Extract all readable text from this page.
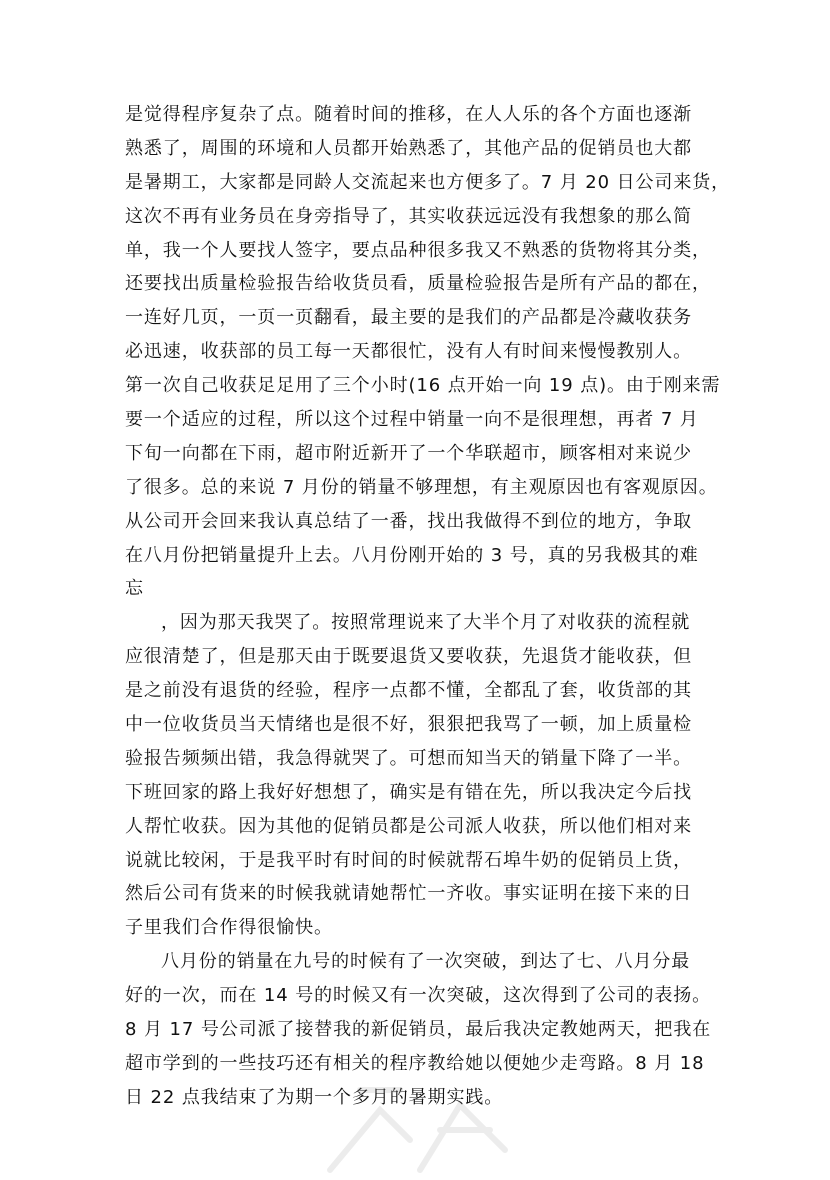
是觉得程序复杂了点。随着时间的推移，在人人乐的各个方面也逐渐
熟悉了，周围的环境和人员都开始熟悉了，其他产品的促销员也大都
是暑期工，大家都是同龄人交流起来也方便多了。7 月 20 日公司来货，
这次不再有业务员在身旁指导了，其实收获远远没有我想象的那么简
单，我一个人要找人签字，要点品种很多我又不熟悉的货物将其分类，
还要找出质量检验报告给收货员看，质量检验报告是所有产品的都在，
一连好几页，一页一页翻看，最主要的是我们的产品都是冷藏收获务
必迅速，收获部的员工每一天都很忙，没有人有时间来慢慢教别人。
第一次自己收获足足用了三个小时(16 点开始一向 19 点)。由于刚来需
要一个适应的过程，所以这个过程中销量一向不是很理想，再者 7 月
下旬一向都在下雨，超市附近新开了一个华联超市，顾客相对来说少
了很多。总的来说 7 月份的销量不够理想，有主观原因也有客观原因。
从公司开会回来我认真总结了一番，找出我做得不到位的地方，争取
在八月份把销量提升上去。八月份刚开始的 3 号，真的另我极其的难
忘
，因为那天我哭了。按照常理说来了大半个月了对收获的流程就
应很清楚了，但是那天由于既要退货又要收获，先退货才能收获，但
是之前没有退货的经验，程序一点都不懂，全都乱了套，收货部的其
中一位收货员当天情绪也是很不好，狠狠把我骂了一顿，加上质量检
验报告频频出错，我急得就哭了。可想而知当天的销量下降了一半。
下班回家的路上我好好想想了，确实是有错在先，所以我决定今后找
人帮忙收获。因为其他的促销员都是公司派人收获，所以他们相对来
说就比较闲，于是我平时有时间的时候就帮石埠牛奶的促销员上货，
然后公司有货来的时候我就请她帮忙一齐收。事实证明在接下来的日
子里我们合作得很愉快。
八月份的销量在九号的时候有了一次突破，到达了七、八月分最
好的一次，而在 14 号的时候又有一次突破，这次得到了公司的表扬。
8 月 17 号公司派了接替我的新促销员，最后我决定教她两天，把我在
超市学到的一些技巧还有相关的程序教给她以便她少走弯路。8 月 18
日 22 点我结束了为期一个多月的暑期实践。
